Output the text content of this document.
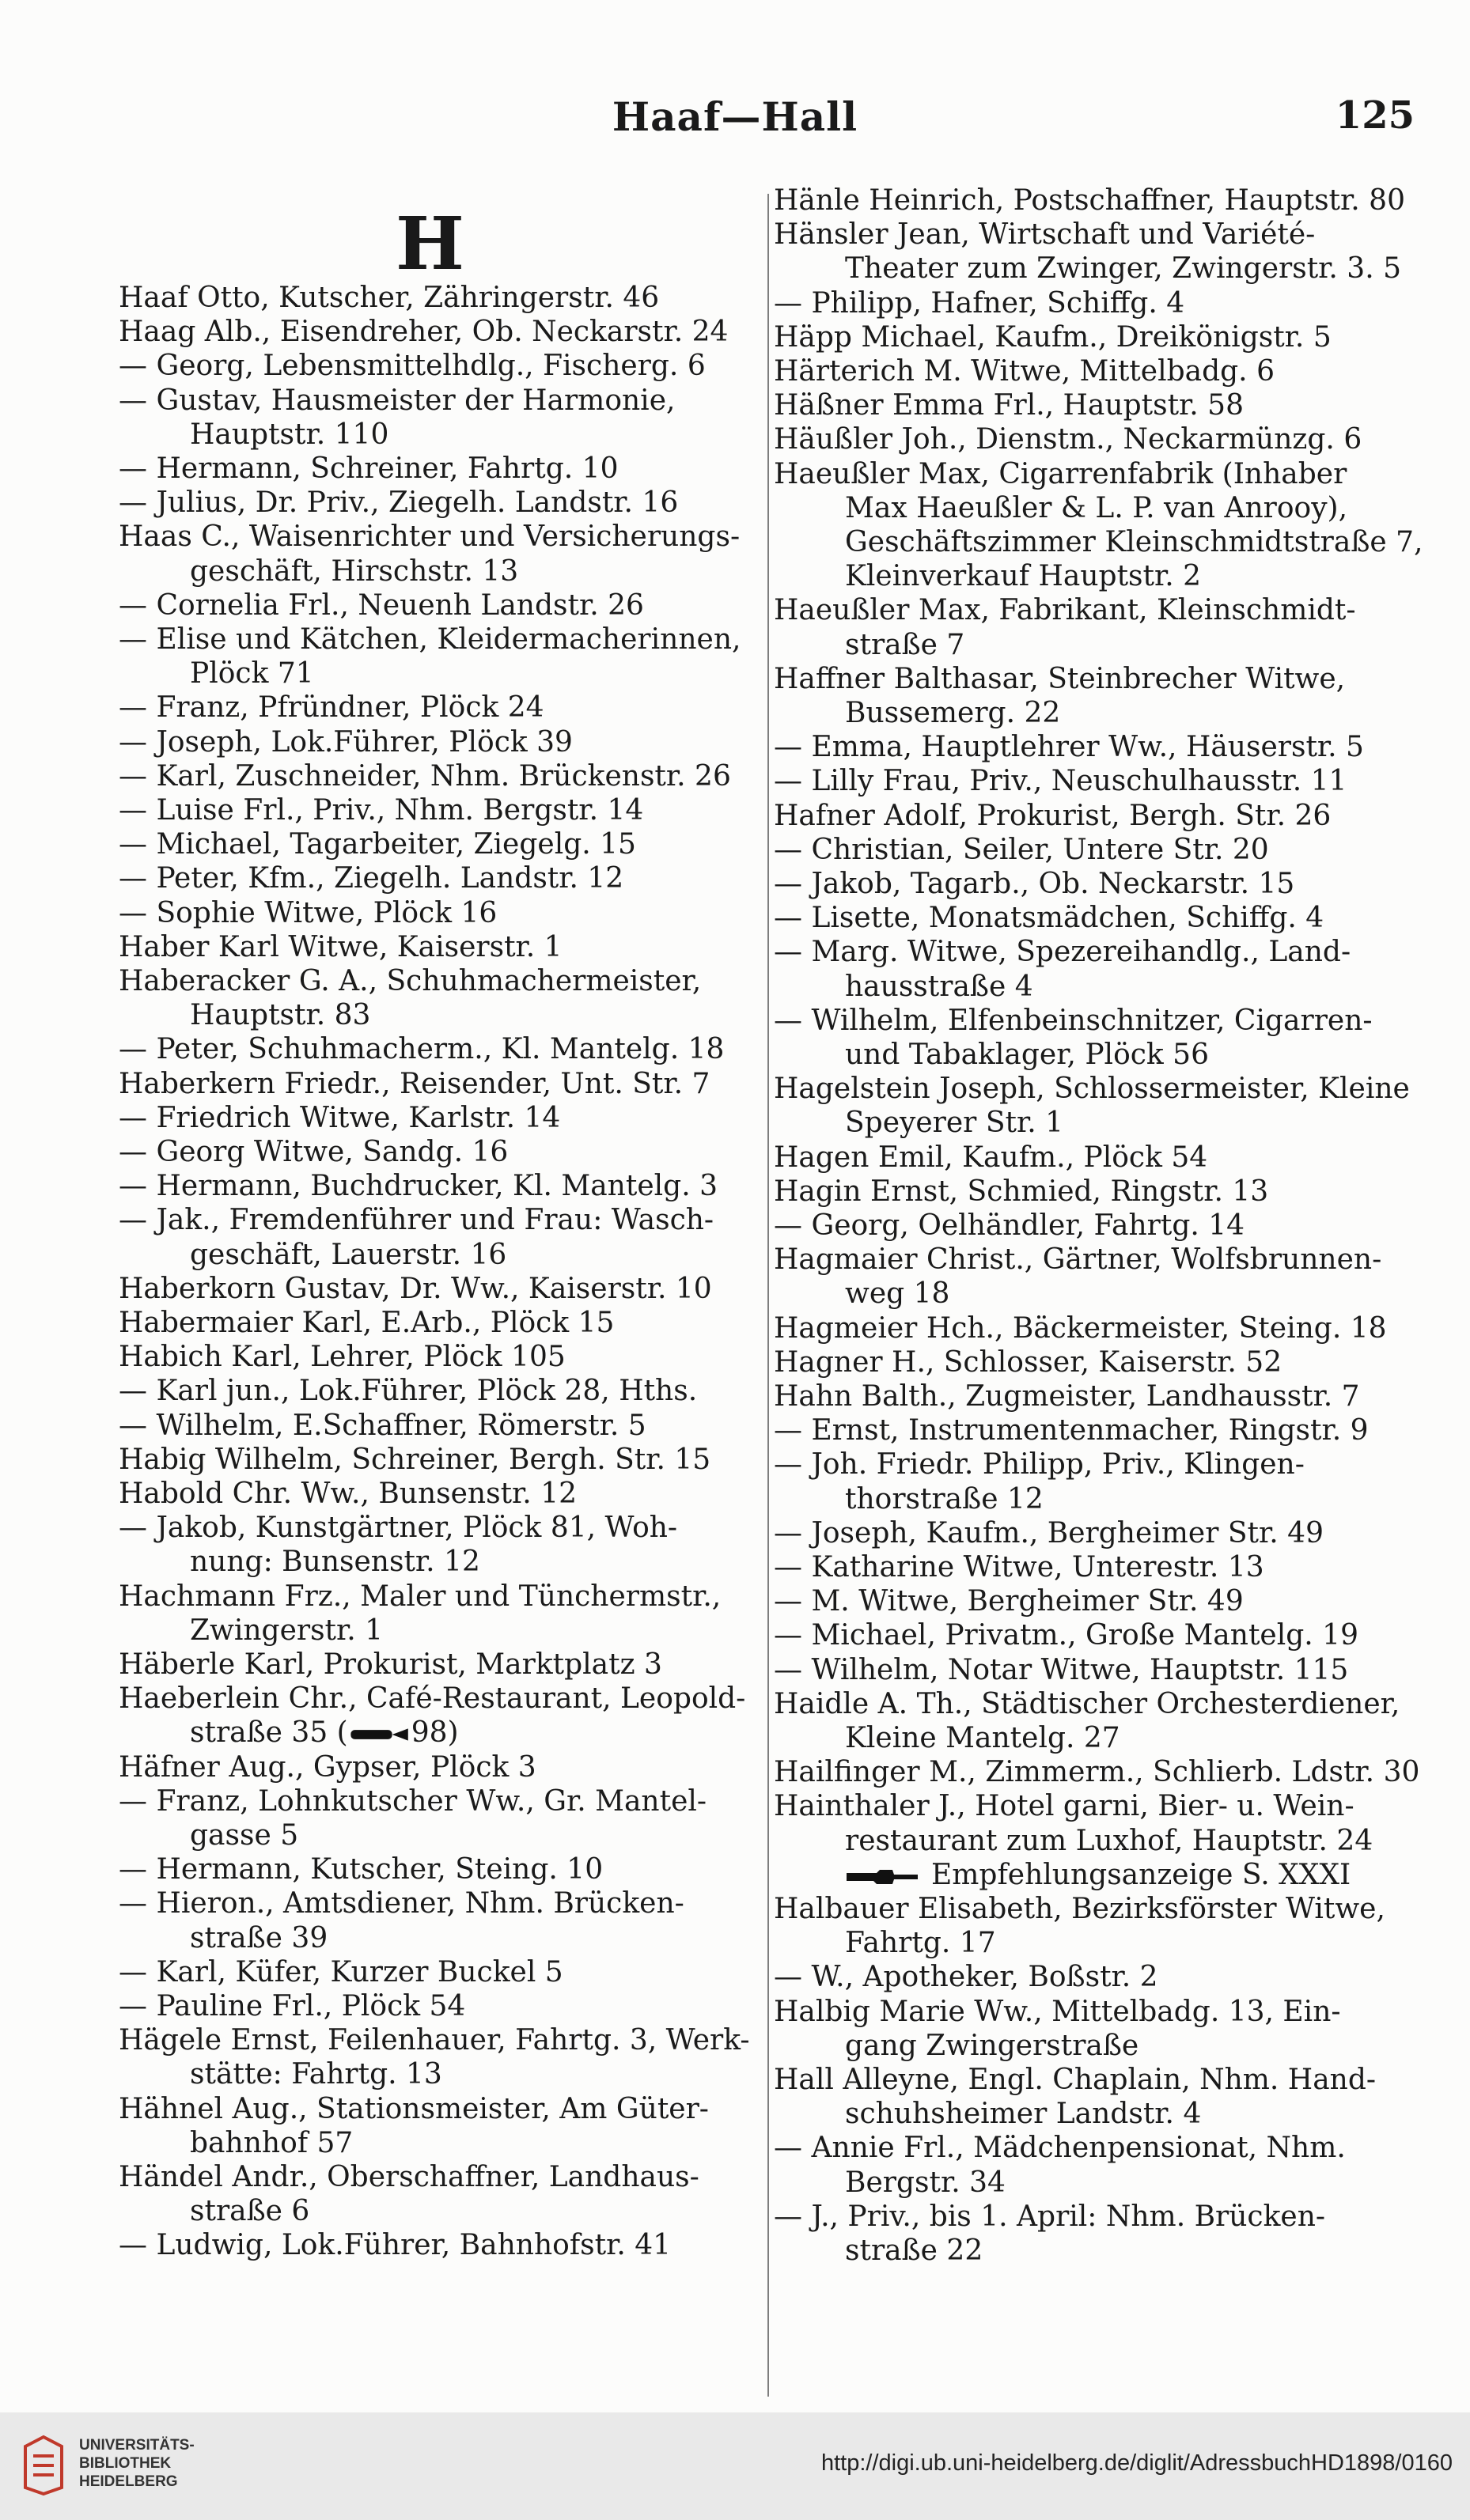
Haaf—Hall	125
H
Haaf Otto, Kutscher, Zähringerstr. 46
Haag Alb., Eisendreher, Ob. Neckarstr. 24
— Georg, Lebensmittelhdlg., Fischerg. 6
— Gustav, Hausmeister der Harmonie,
Hauptstr. 110
— Hermann, Schreiner, Fahrtg. 10
— Julius, Dr. Priv., Ziegelh. Landstr. 16
Haas C., Waisenrichter und Versicherungs-
geschäft, Hirschstr. 13
— Cornelia Frl., Neuenh Landstr. 26
— Elise und Kätchen, Kleidermacherinnen,
Plöck 71
— Franz, Pfründner, Plöck 24
— Joseph, Lok.Führer, Plöck 39
— Karl, Zuschneider, Nhm. Brückenstr. 26
— Luise Frl., Priv., Nhm. Bergstr. 14
— Michael, Tagarbeiter, Ziegelg. 15
— Peter, Kfm., Ziegelh. Landstr. 12
— Sophie Witwe, Plöck 16
Haber Karl Witwe, Kaiserstr. 1
Haberacker G. A., Schuhmachermeister,
Hauptstr. 83
— Peter, Schuhmacherm., Kl. Mantelg. 18
Haberkern Friedr., Reisender, Unt. Str. 7
— Friedrich Witwe, Karlstr. 14
— Georg Witwe, Sandg. 16
— Hermann, Buchdrucker, Kl. Mantelg. 3
— Jak., Fremdenführer und Frau: Wasch-
geschäft, Lauerstr. 16
Haberkorn Gustav, Dr. Ww., Kaiserstr. 10
Habermaier Karl, E.Arb., Plöck 15
Habich Karl, Lehrer, Plöck 105
— Karl jun., Lok.Führer, Plöck 28, Hths.
— Wilhelm, E.Schaffner, Römerstr. 5
Habig Wilhelm, Schreiner, Bergh. Str. 15
Habold Chr. Ww., Bunsenstr. 12
— Jakob, Kunstgärtner, Plöck 81, Woh-
nung: Bunsenstr. 12
Hachmann Frz., Maler und Tünchermstr.,
Zwingerstr. 1
Häberle Karl, Prokurist, Marktplatz 3
Haeberlein Chr., Café-Restaurant, Leopold-
straße 35 ( 98)
Häfner Aug., Gypser, Plöck 3
— Franz, Lohnkutscher Ww., Gr. Mantel-
gasse 5
— Hermann, Kutscher, Steing. 10
— Hieron., Amtsdiener, Nhm. Brücken-
straße 39
— Karl, Küfer, Kurzer Buckel 5
— Pauline Frl., Plöck 54
Hägele Ernst, Feilenhauer, Fahrtg. 3, Werk-
stätte: Fahrtg. 13
Hähnel Aug., Stationsmeister, Am Güter-
bahnhof 57
Händel Andr., Oberschaffner, Landhaus-
straße 6
— Ludwig, Lok.Führer, Bahnhofstr. 41
Hänle Heinrich, Postschaffner, Hauptstr. 80
Hänsler Jean, Wirtschaft und Variété-
Theater zum Zwinger, Zwingerstr. 3. 5
— Philipp, Hafner, Schiffg. 4
Häpp Michael, Kaufm., Dreikönigstr. 5
Härterich M. Witwe, Mittelbadg. 6
Häßner Emma Frl., Hauptstr. 58
Häußler Joh., Dienstm., Neckarmünzg. 6
Haeußler Max, Cigarrenfabrik (Inhaber
Max Haeußler & L. P. van Anrooy),
Geschäftszimmer Kleinschmidtstraße 7,
Kleinverkauf Hauptstr. 2
Haeußler Max, Fabrikant, Kleinschmidt-
straße 7
Haffner Balthasar, Steinbrecher Witwe,
Bussemerg. 22
— Emma, Hauptlehrer Ww., Häuserstr. 5
— Lilly Frau, Priv., Neuschulhausstr. 11
Hafner Adolf, Prokurist, Bergh. Str. 26
— Christian, Seiler, Untere Str. 20
— Jakob, Tagarb., Ob. Neckarstr. 15
— Lisette, Monatsmädchen, Schiffg. 4
— Marg. Witwe, Spezereihandlg., Land-
hausstraße 4
— Wilhelm, Elfenbeinschnitzer, Cigarren-
und Tabaklager, Plöck 56
Hagelstein Joseph, Schlossermeister, Kleine
Speyerer Str. 1
Hagen Emil, Kaufm., Plöck 54
Hagin Ernst, Schmied, Ringstr. 13
— Georg, Oelhändler, Fahrtg. 14
Hagmaier Christ., Gärtner, Wolfsbrunnen-
weg 18
Hagmeier Hch., Bäckermeister, Steing. 18
Hagner H., Schlosser, Kaiserstr. 52
Hahn Balth., Zugmeister, Landhausstr. 7
— Ernst, Instrumentenmacher, Ringstr. 9
— Joh. Friedr. Philipp, Priv., Klingen-
thorstraße 12
— Joseph, Kaufm., Bergheimer Str. 49
— Katharine Witwe, Unterestr. 13
— M. Witwe, Bergheimer Str. 49
— Michael, Privatm., Große Mantelg. 19
— Wilhelm, Notar Witwe, Hauptstr. 115
Haidle A. Th., Städtischer Orchesterdiener,
Kleine Mantelg. 27
Hailfinger M., Zimmerm., Schlierb. Ldstr. 30
Hainthaler J., Hotel garni, Bier- u. Wein-
restaurant zum Luxhof, Hauptstr. 24
Empfehlungsanzeige S. XXXI
Halbauer Elisabeth, Bezirksförster Witwe,
Fahrtg. 17
— W., Apotheker, Boßstr. 2
Halbig Marie Ww., Mittelbadg. 13, Ein-
gang Zwingerstraße
Hall Alleyne, Engl. Chaplain, Nhm. Hand-
schuhsheimer Landstr. 4
— Annie Frl., Mädchenpensionat, Nhm.
Bergstr. 34
— J., Priv., bis 1. April: Nhm. Brücken-
straße 22
UNIVERSITÄTS-
BIBLIOTHEK
HEIDELBERG
http://digi.ub.uni-heidelberg.de/diglit/AdressbuchHD1898/0160
